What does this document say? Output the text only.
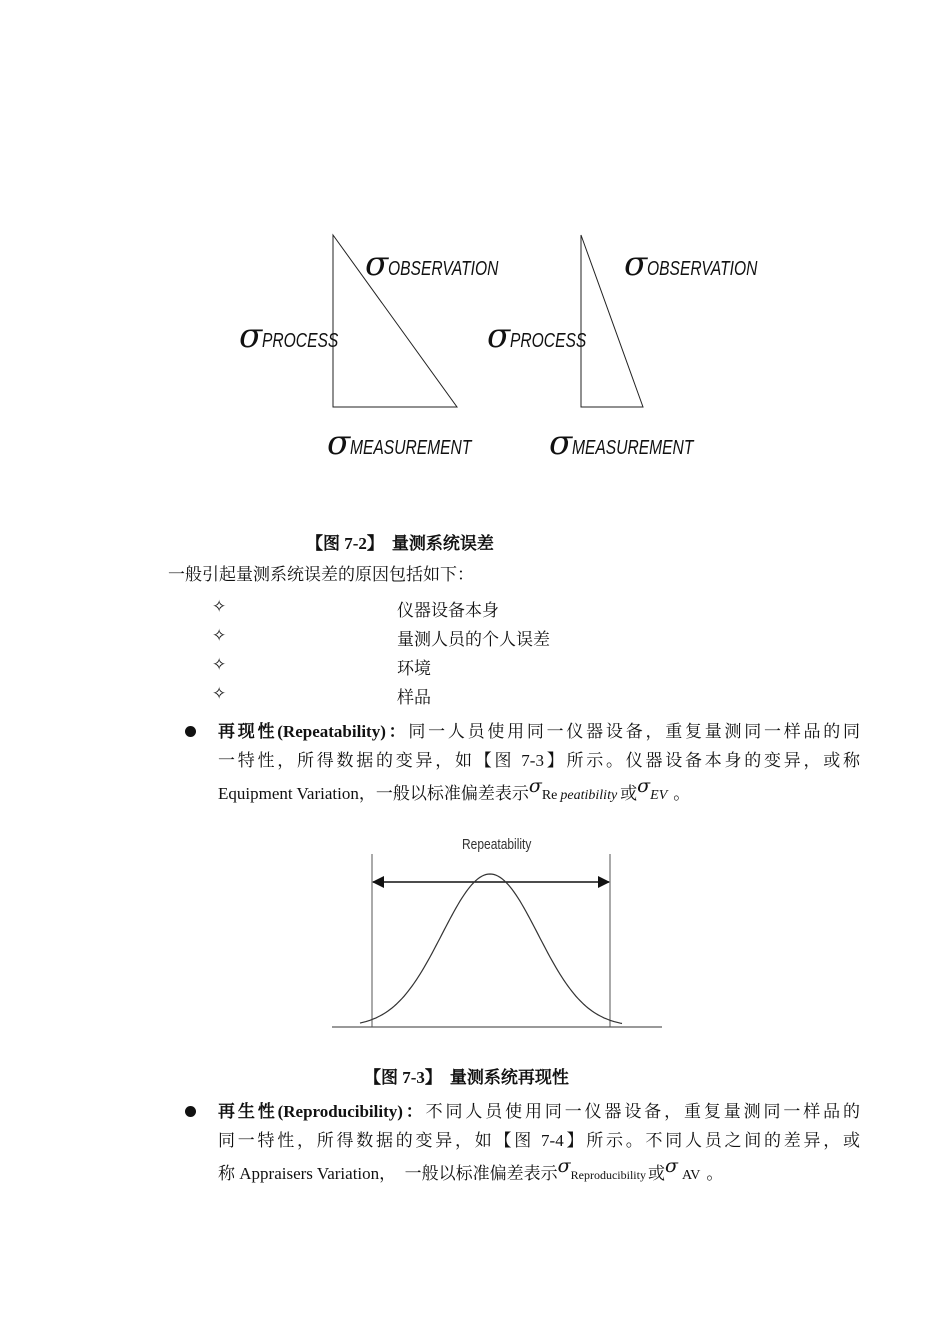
σOBSERVATION
σPROCESS
σMEASUREMENT
σOBSERVATION
σPROCESS
σMEASUREMENT
【图 7-2】 量测系统误差
一般引起量测系统误差的原因包括如下：
✧	仪器设备本身
✧	量测人员的个人误差
✧	环境
✧	样品
再现性(Repeatability)：同一人员使用同一仪器设备，重复量测同一样品的同
一特性，所得数据的变异，如【图 7-3】所示。仪器设备本身的变异，或称
Equipment Variation，一般以标准偏差表示σRe peatibility 或σEV 。
Repeatability
【图 7-3】 量测系统再现性
再生性(Reproducibility)：不同人员使用同一仪器设备，重复量测同一样品的
同一特性，所得数据的变异，如【图 7-4】所示。不同人员之间的差异，或
称 Appraisers Variation，　一般以标准偏差表示σReproducibility 或σ AV 。
